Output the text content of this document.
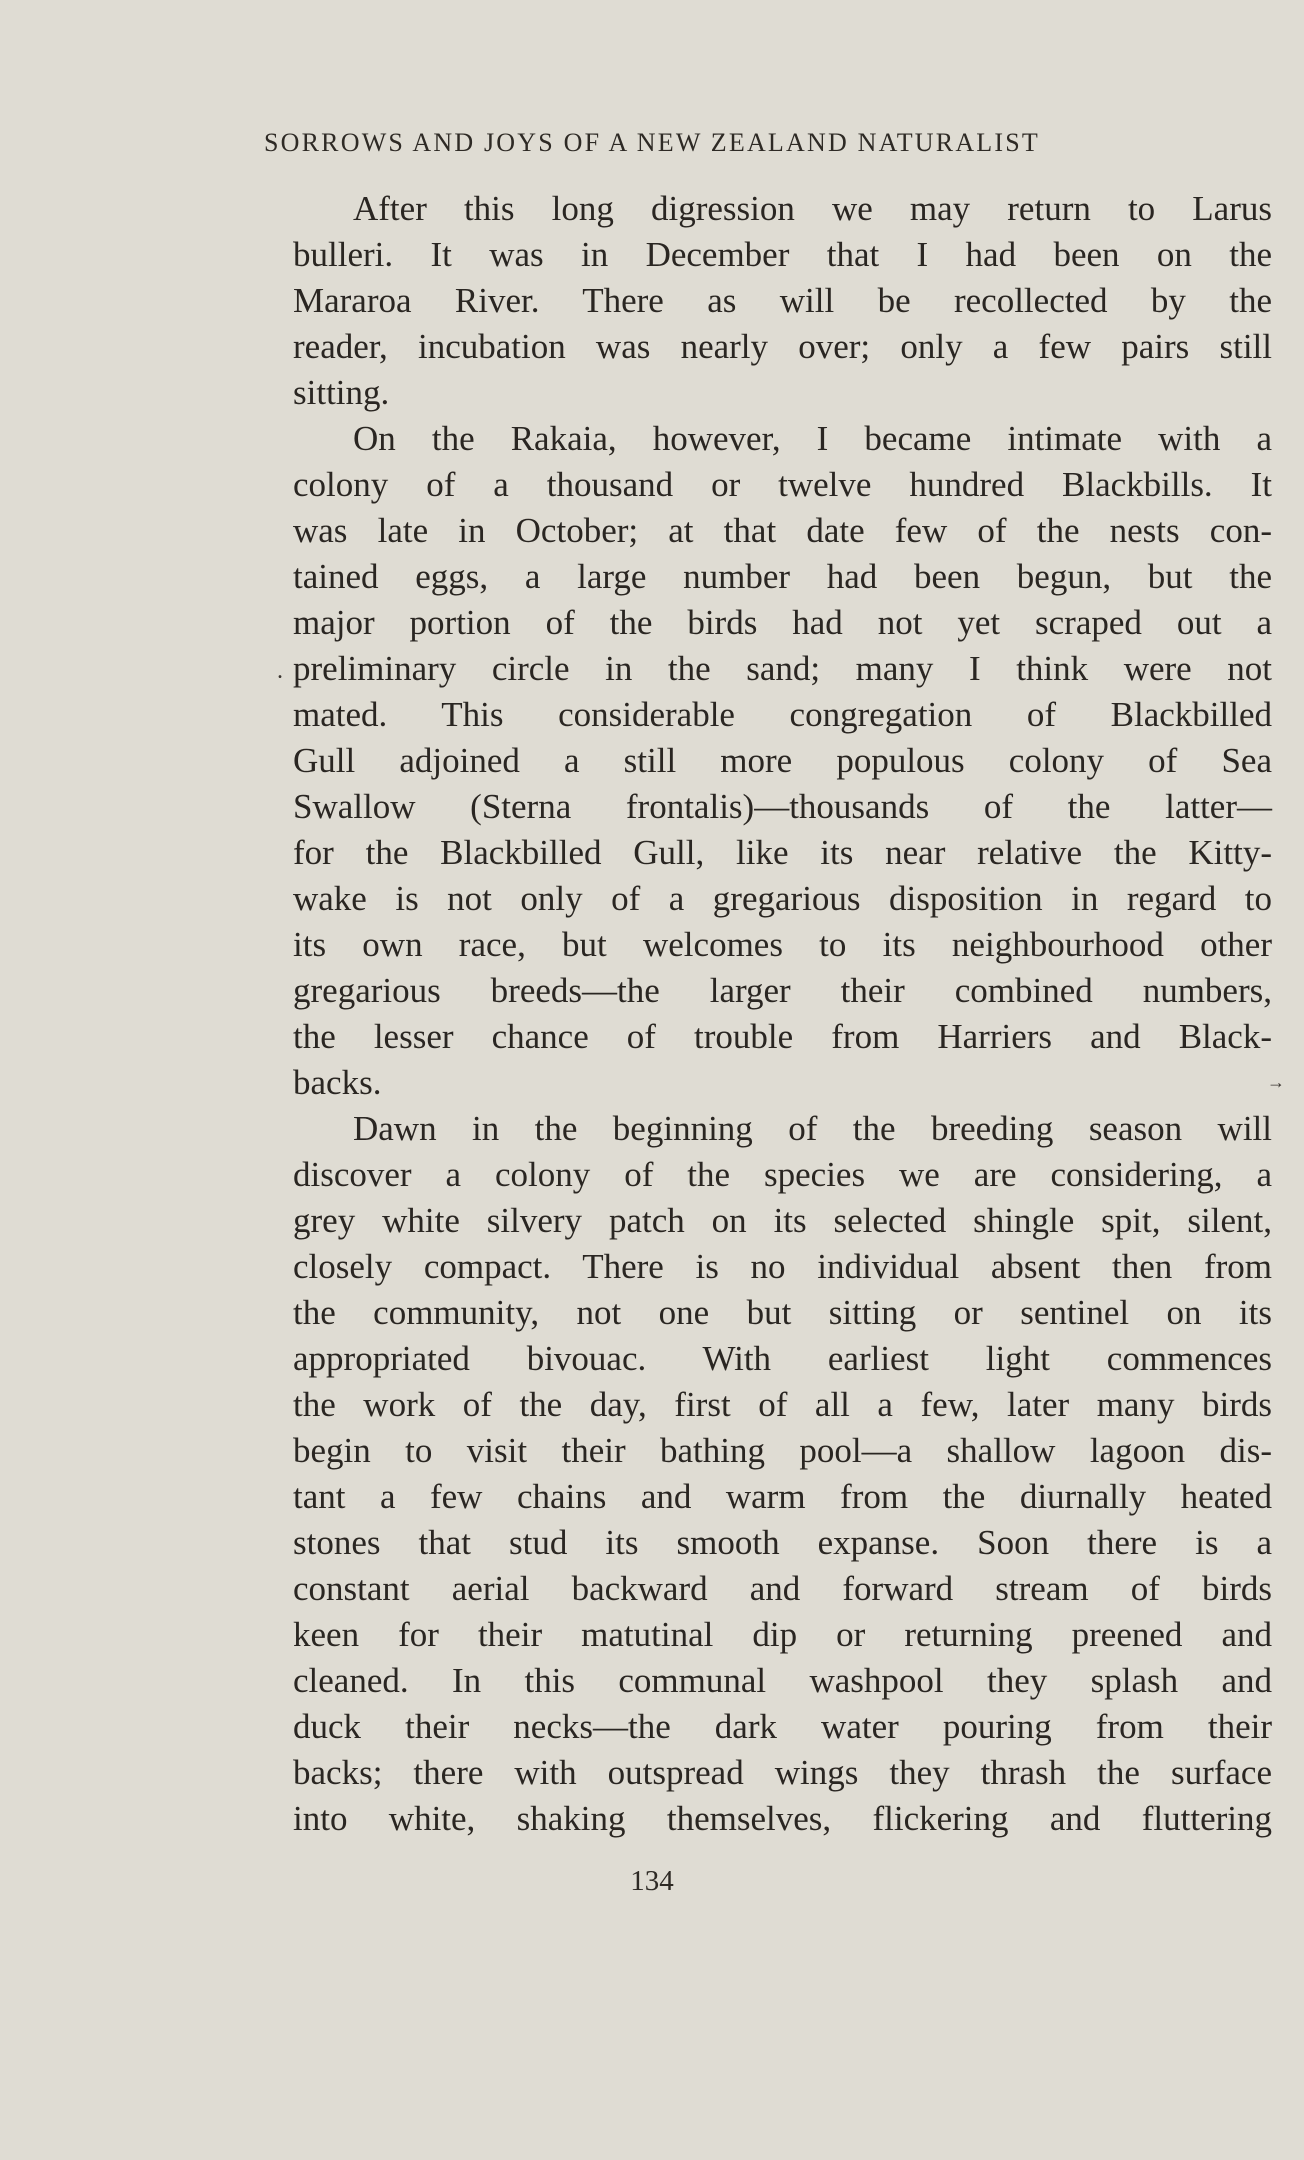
SORROWS AND JOYS OF A NEW ZEALAND NATURALIST
After this long digression we may return to Larus
bulleri. It was in December that I had been on the
Mararoa River. There as will be recollected by the
reader, incubation was nearly over; only a few pairs still
sitting.
On the Rakaia, however, I became intimate with a
colony of a thousand or twelve hundred Blackbills. It
was late in October; at that date few of the nests con-
tained eggs, a large number had been begun, but the
major portion of the birds had not yet scraped out a
preliminary circle in the sand; many I think were not
mated. This considerable congregation of Blackbilled
Gull adjoined a still more populous colony of Sea
Swallow (Sterna frontalis)—thousands of the latter—
for the Blackbilled Gull, like its near relative the Kitty-
wake is not only of a gregarious disposition in regard to
its own race, but welcomes to its neighbourhood other
gregarious breeds—the larger their combined numbers,
the lesser chance of trouble from Harriers and Black-
backs.
Dawn in the beginning of the breeding season will
discover a colony of the species we are considering, a
grey white silvery patch on its selected shingle spit, silent,
closely compact. There is no individual absent then from
the community, not one but sitting or sentinel on its
appropriated bivouac. With earliest light commences
the work of the day, first of all a few, later many birds
begin to visit their bathing pool—a shallow lagoon dis-
tant a few chains and warm from the diurnally heated
stones that stud its smooth expanse. Soon there is a
constant aerial backward and forward stream of birds
keen for their matutinal dip or returning preened and
cleaned. In this communal washpool they splash and
duck their necks—the dark water pouring from their
backs; there with outspread wings they thrash the surface
into white, shaking themselves, flickering and fluttering
.
→
134
